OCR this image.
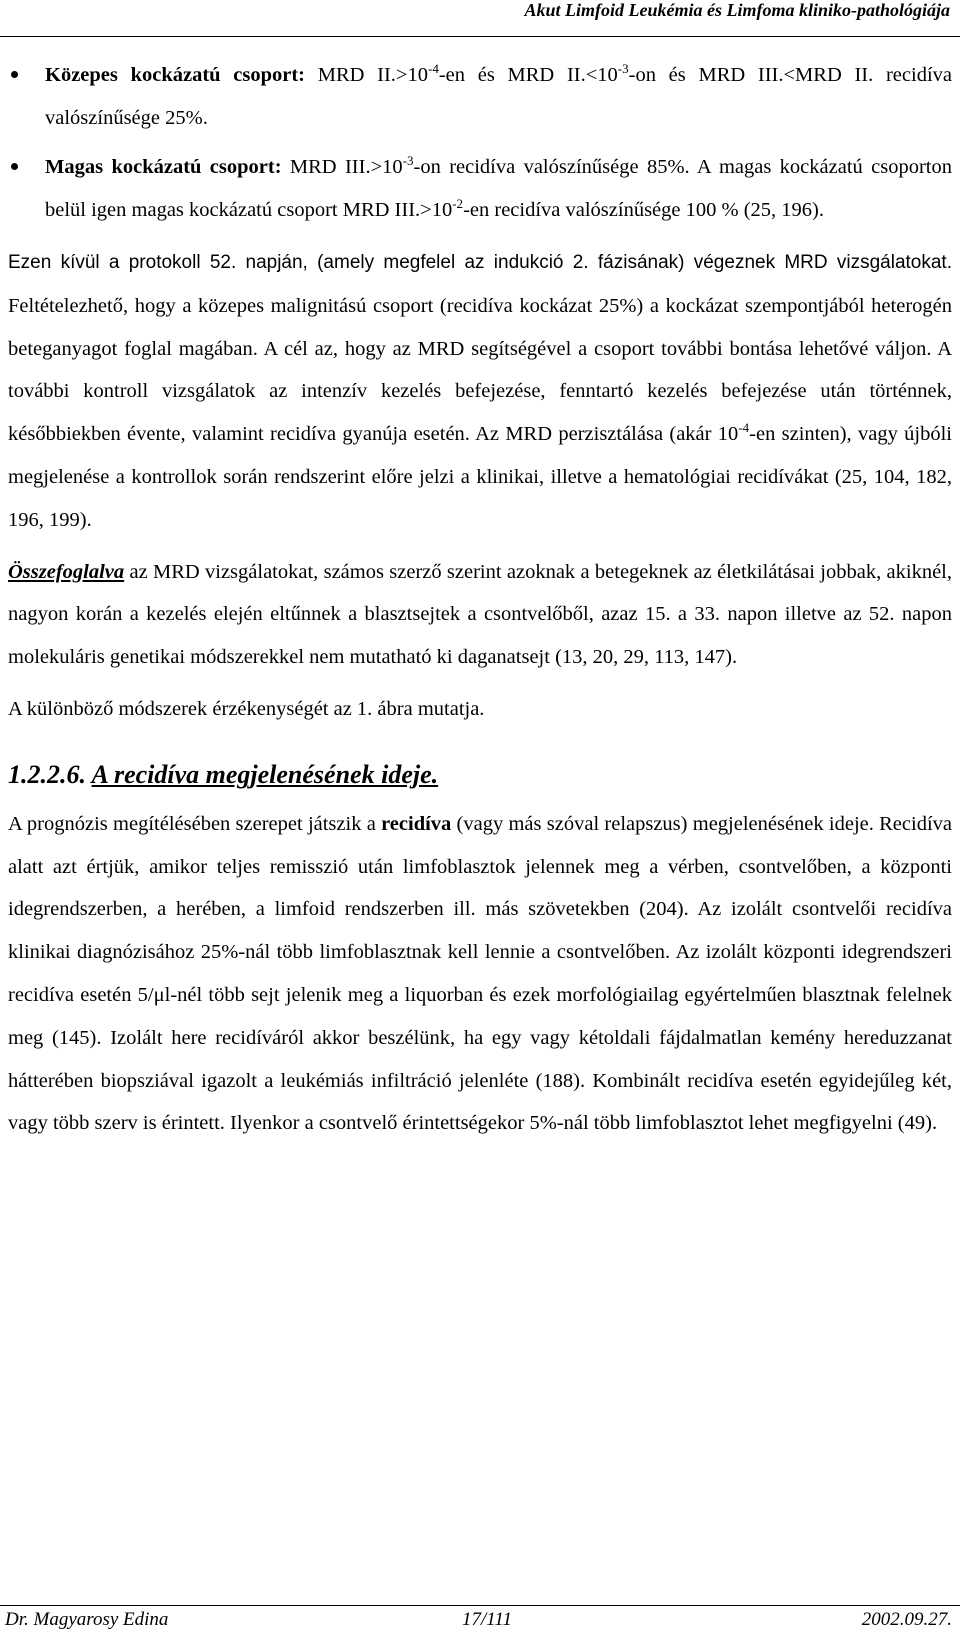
Akut Limfoid Leukémia és Limfoma kliniko-pathológiája
Közepes kockázatú csoport: MRD $II.>10^{-4}-en$ és MRD $II.<10^{-3}-on$ és MRD III.<MRD II. recidíva valószínűsége 25%.
Magas kockázatú csoport: MRD $III.>10^{-3}-on$ recidíva valószínűsége 85%. A magas kockázatú csoporton belül igen magas kockázatú csoport MRD $III.>10^{-2}-en$ recidíva valószínűsége 100 % (25, 196).

Ezen kívül a protokoll 52. napján, (amely megfelel az indukció 2. fázisának) végeznek MRD vizsgálatokat. Feltételezhető, hogy a közepes malignitású csoport (recidíva kockázat 25%) a kockázat szempontjából heterogén beteganyagot foglal magában. A cél az, hogy az MRD segítségével a csoport további bontása lehetővé váljon. A további kontroll vizsgálatok az intenzív kezelés befejezése, fenntartó kezelés befejezése után történnek, későbbiekben évente, valamint recidíva gyanúja esetén. Az MRD perzisztálása (akár $10^{-4}-en$ szinten), vagy újbóli megjelenése a kontrollok során rendszerint előre jelzi a klinikai, illetve a hematológiai recidívákat (25, 104, 182, 196, 199).

Összefoglalva az MRD vizsgálatokat, számos szerző szerint azoknak a betegeknek az életkilátásai jobbak, akiknél, nagyon korán a kezelés elején eltűnnek a blasztsejtek a csontvelőből, azaz 15. a 33. napon illetve az 52. napon molekuláris genetikai módszerekkel nem mutatható ki daganatsejt (13, 20, 29, 113, 147).

A különböző módszerek érzékenységét az 1. ábra mutatja.

1.2.2.6. A recidíva megjelenésének ideje.

A prognózis megítélésében szerepet játszik a recidíva (vagy más szóval relapszus) megjelenésének ideje. Recidíva alatt azt értjük, amikor teljes remisszió után limfoblasztok jelennek meg a vérben, csontvelőben, a központi idegrendszerben, a herében, a limfoid rendszerben ill. más szövetekben (204). Az izolált csontvelői recidíva klinikai diagnózisához 25%-nál több limfoblasztnak kell lennie a csontvelőben. Az izolált központi idegrendszeri recidíva esetén 5/μl-nél több sejt jelenik meg a liquorban és ezek morfológiailag egyértelműen blasztnak felelnek meg (145). Izolált here recidíváról akkor beszélünk, ha egy vagy kétoldali fájdalmatlan kemény hereduzzanat hátterében biopsziával igazolt a leukémiás infiltráció jelenléte (188). Kombinált recidíva esetén egyidejűleg két, vagy több szerv is érintett. Ilyenkor a csontvelő érintettségekor 5%-nál több limfoblasztot lehet megfigyelni (49).

Dr. Magyarosy Edina	17/111	2002.09.27.
